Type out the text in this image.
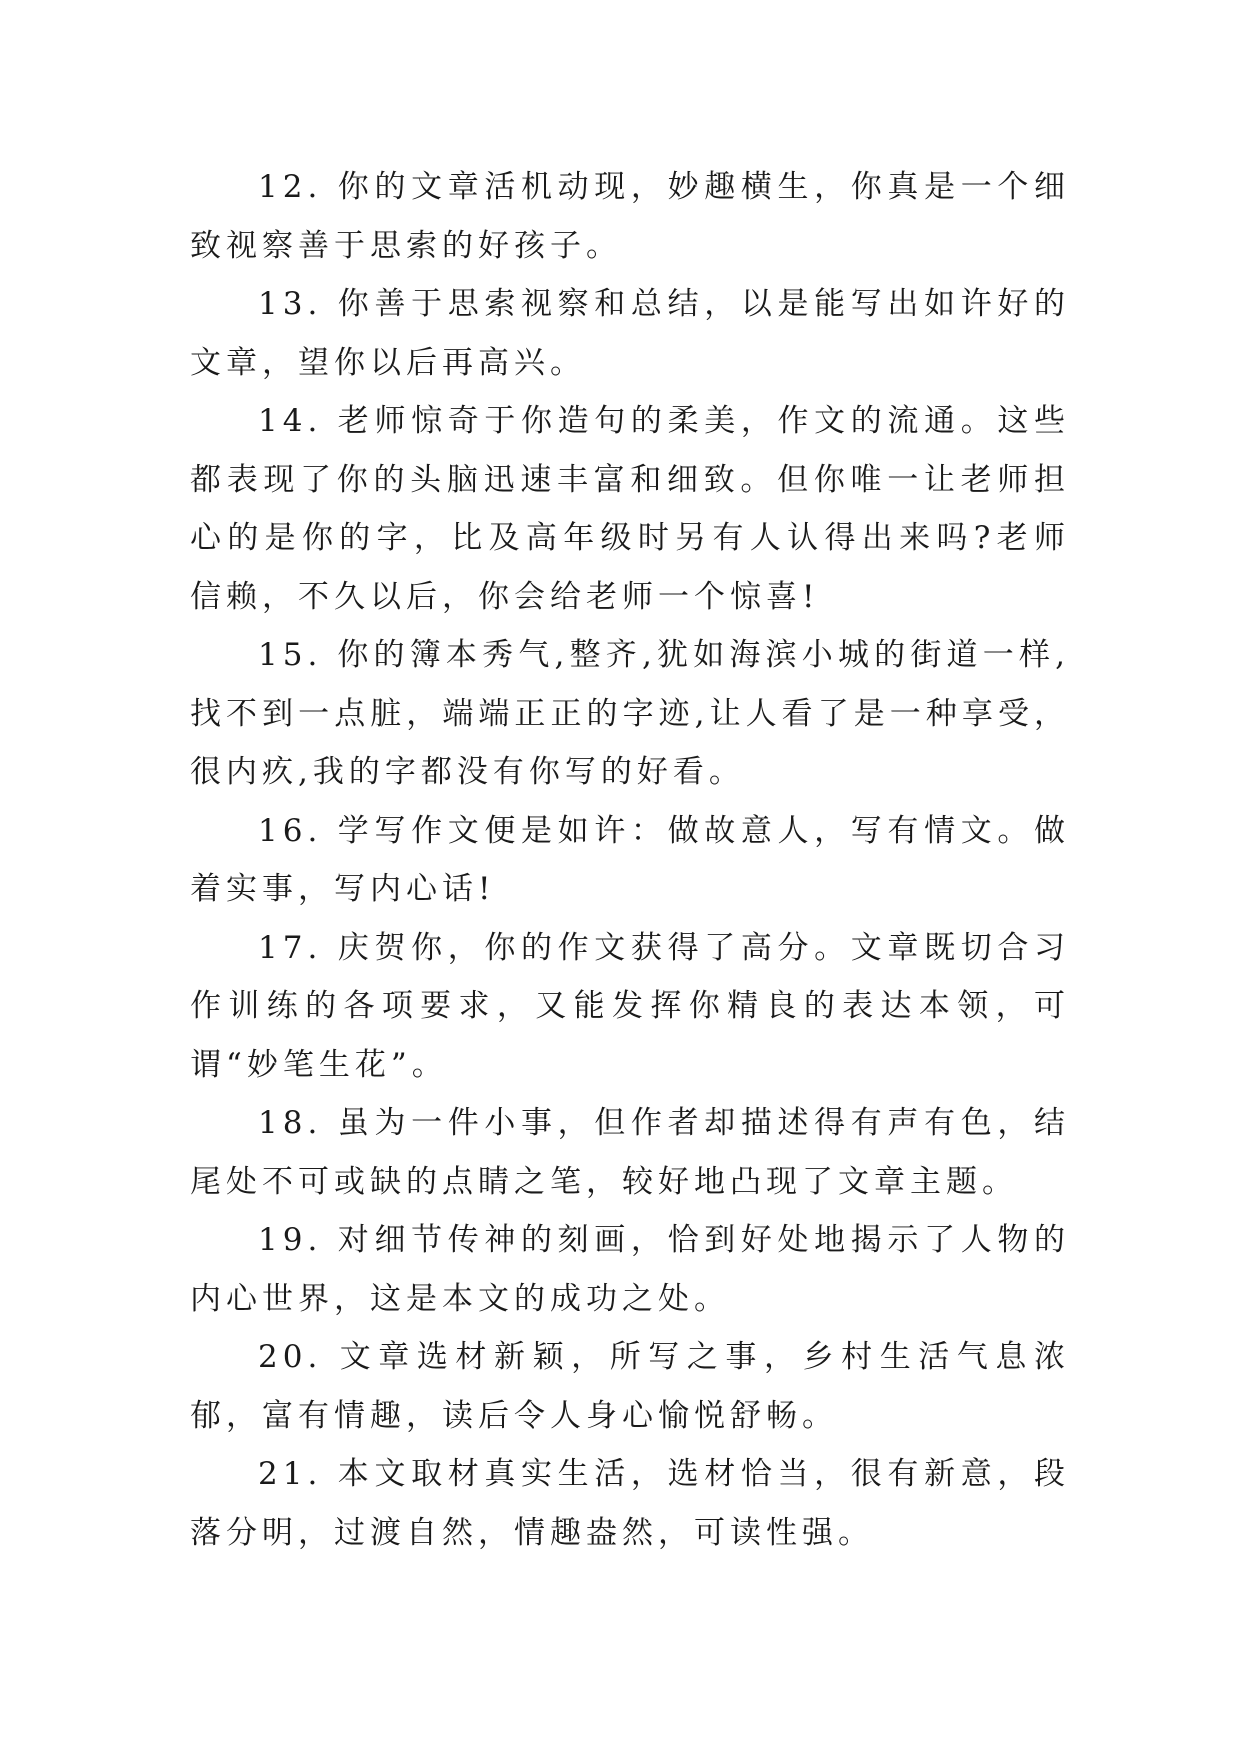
12. 你的文章活机动现，妙趣横生，你真是一个细致视察善于思索的好孩子。

13. 你善于思索视察和总结，以是能写出如许好的文章，望你以后再高兴。

14. 老师惊奇于你造句的柔美，作文的流通。这些都表现了你的头脑迅速丰富和细致。但你唯一让老师担心的是你的字，比及高年级时另有人认得出来吗?老师信赖，不久以后，你会给老师一个惊喜!

15. 你的簿本秀气,整齐,犹如海滨小城的街道一样,找不到一点脏，端端正正的字迹,让人看了是一种享受，很内疚,我的字都没有你写的好看。

16. 学写作文便是如许：做故意人，写有情文。做着实事，写内心话!

17. 庆贺你，你的作文获得了高分。文章既切合习作训练的各项要求，又能发挥你精良的表达本领，可谓“妙笔生花”。

18. 虽为一件小事，但作者却描述得有声有色，结尾处不可或缺的点睛之笔，较好地凸现了文章主题。

19. 对细节传神的刻画，恰到好处地揭示了人物的内心世界，这是本文的成功之处。

20. 文章选材新颖，所写之事，乡村生活气息浓郁，富有情趣，读后令人身心愉悦舒畅。

21. 本文取材真实生活，选材恰当，很有新意，段落分明，过渡自然，情趣盎然，可读性强。
